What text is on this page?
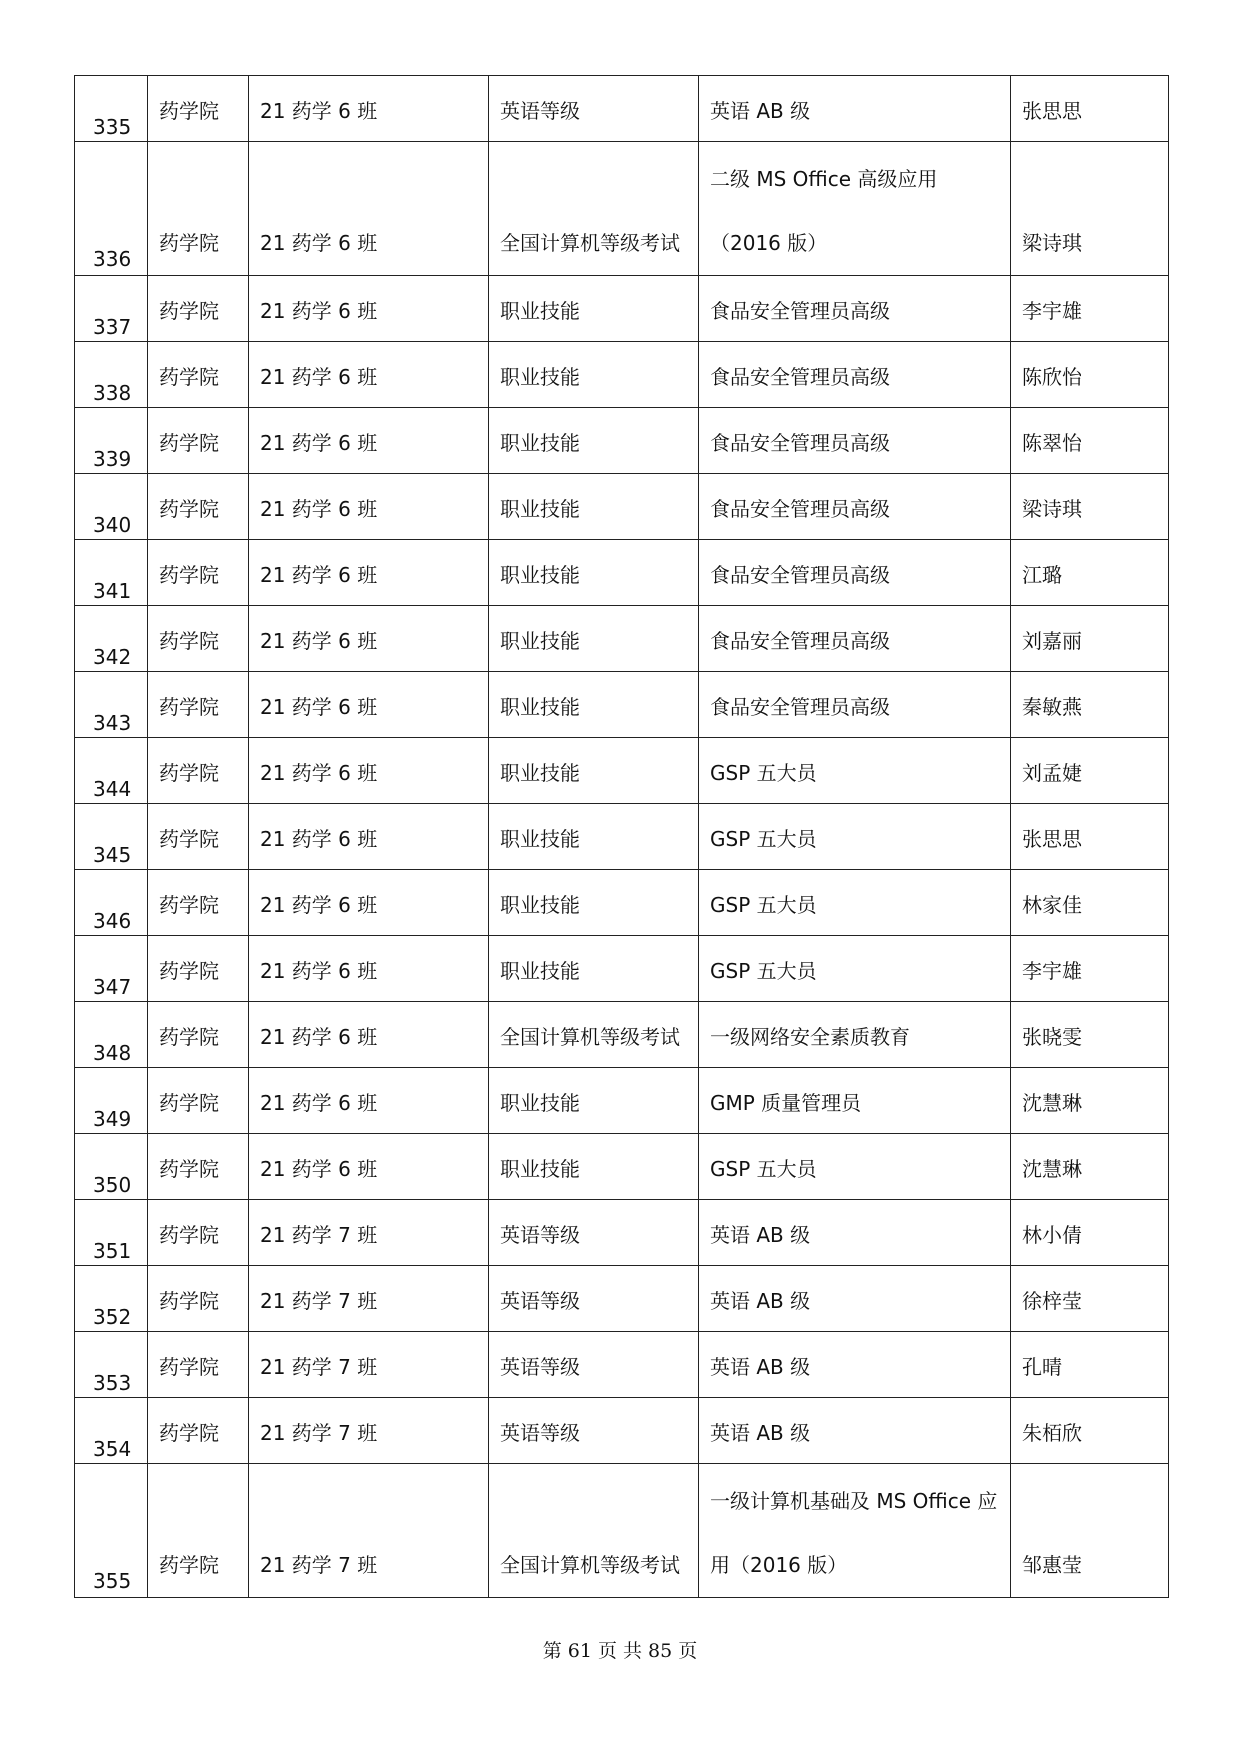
335	药学院	21 药学 6 班	英语等级	英语 AB 级	张思思

336	药学院	21 药学 6 班	全国计算机等级考试	二级 MS Office 高级应用（2016 版）	梁诗琪

337	药学院	21 药学 6 班	职业技能	食品安全管理员高级	李宇雄

338	药学院	21 药学 6 班	职业技能	食品安全管理员高级	陈欣怡

339	药学院	21 药学 6 班	职业技能	食品安全管理员高级	陈翠怡

340	药学院	21 药学 6 班	职业技能	食品安全管理员高级	梁诗琪

341	药学院	21 药学 6 班	职业技能	食品安全管理员高级	江璐

342	药学院	21 药学 6 班	职业技能	食品安全管理员高级	刘嘉丽

343	药学院	21 药学 6 班	职业技能	食品安全管理员高级	秦敏燕

344	药学院	21 药学 6 班	职业技能	GSP 五大员	刘孟婕

345	药学院	21 药学 6 班	职业技能	GSP 五大员	张思思

346	药学院	21 药学 6 班	职业技能	GSP 五大员	林家佳

347	药学院	21 药学 6 班	职业技能	GSP 五大员	李宇雄

348	药学院	21 药学 6 班	全国计算机等级考试	一级网络安全素质教育	张晓雯

349	药学院	21 药学 6 班	职业技能	GMP 质量管理员	沈慧琳

350	药学院	21 药学 6 班	职业技能	GSP 五大员	沈慧琳

351	药学院	21 药学 7 班	英语等级	英语 AB 级	林小倩

352	药学院	21 药学 7 班	英语等级	英语 AB 级	徐梓莹

353	药学院	21 药学 7 班	英语等级	英语 AB 级	孔晴

354	药学院	21 药学 7 班	英语等级	英语 AB 级	朱栢欣

355	药学院	21 药学 7 班	全国计算机等级考试	一级计算机基础及 MS Office 应用（2016 版）	邹惠莹
第 61 页 共 85 页
